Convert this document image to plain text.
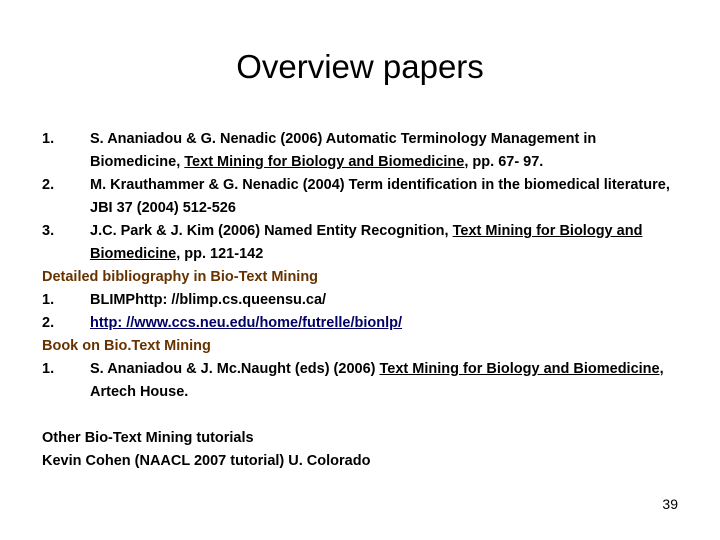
Overview papers
1.	S. Ananiadou & G. Nenadic (2006) Automatic Terminology Management in Biomedicine, Text Mining for Biology and Biomedicine, pp. 67- 97.
2.	M. Krauthammer & G. Nenadic (2004) Term identification in the biomedical literature, JBI 37 (2004) 512-526
3.	J.C. Park & J. Kim (2006) Named Entity Recognition, Text Mining for Biology and Biomedicine, pp. 121-142
Detailed bibliography in Bio-Text Mining
1.	BLIMPhttp: //blimp.cs.queensu.ca/
2.	http: //www.ccs.neu.edu/home/futrelle/bionlp/
Book on Bio.Text Mining
1.	S. Ananiadou & J. Mc.Naught (eds) (2006) Text Mining for Biology and Biomedicine, Artech House.
Other Bio-Text Mining tutorials
Kevin Cohen (NAACL 2007 tutorial) U. Colorado
39
